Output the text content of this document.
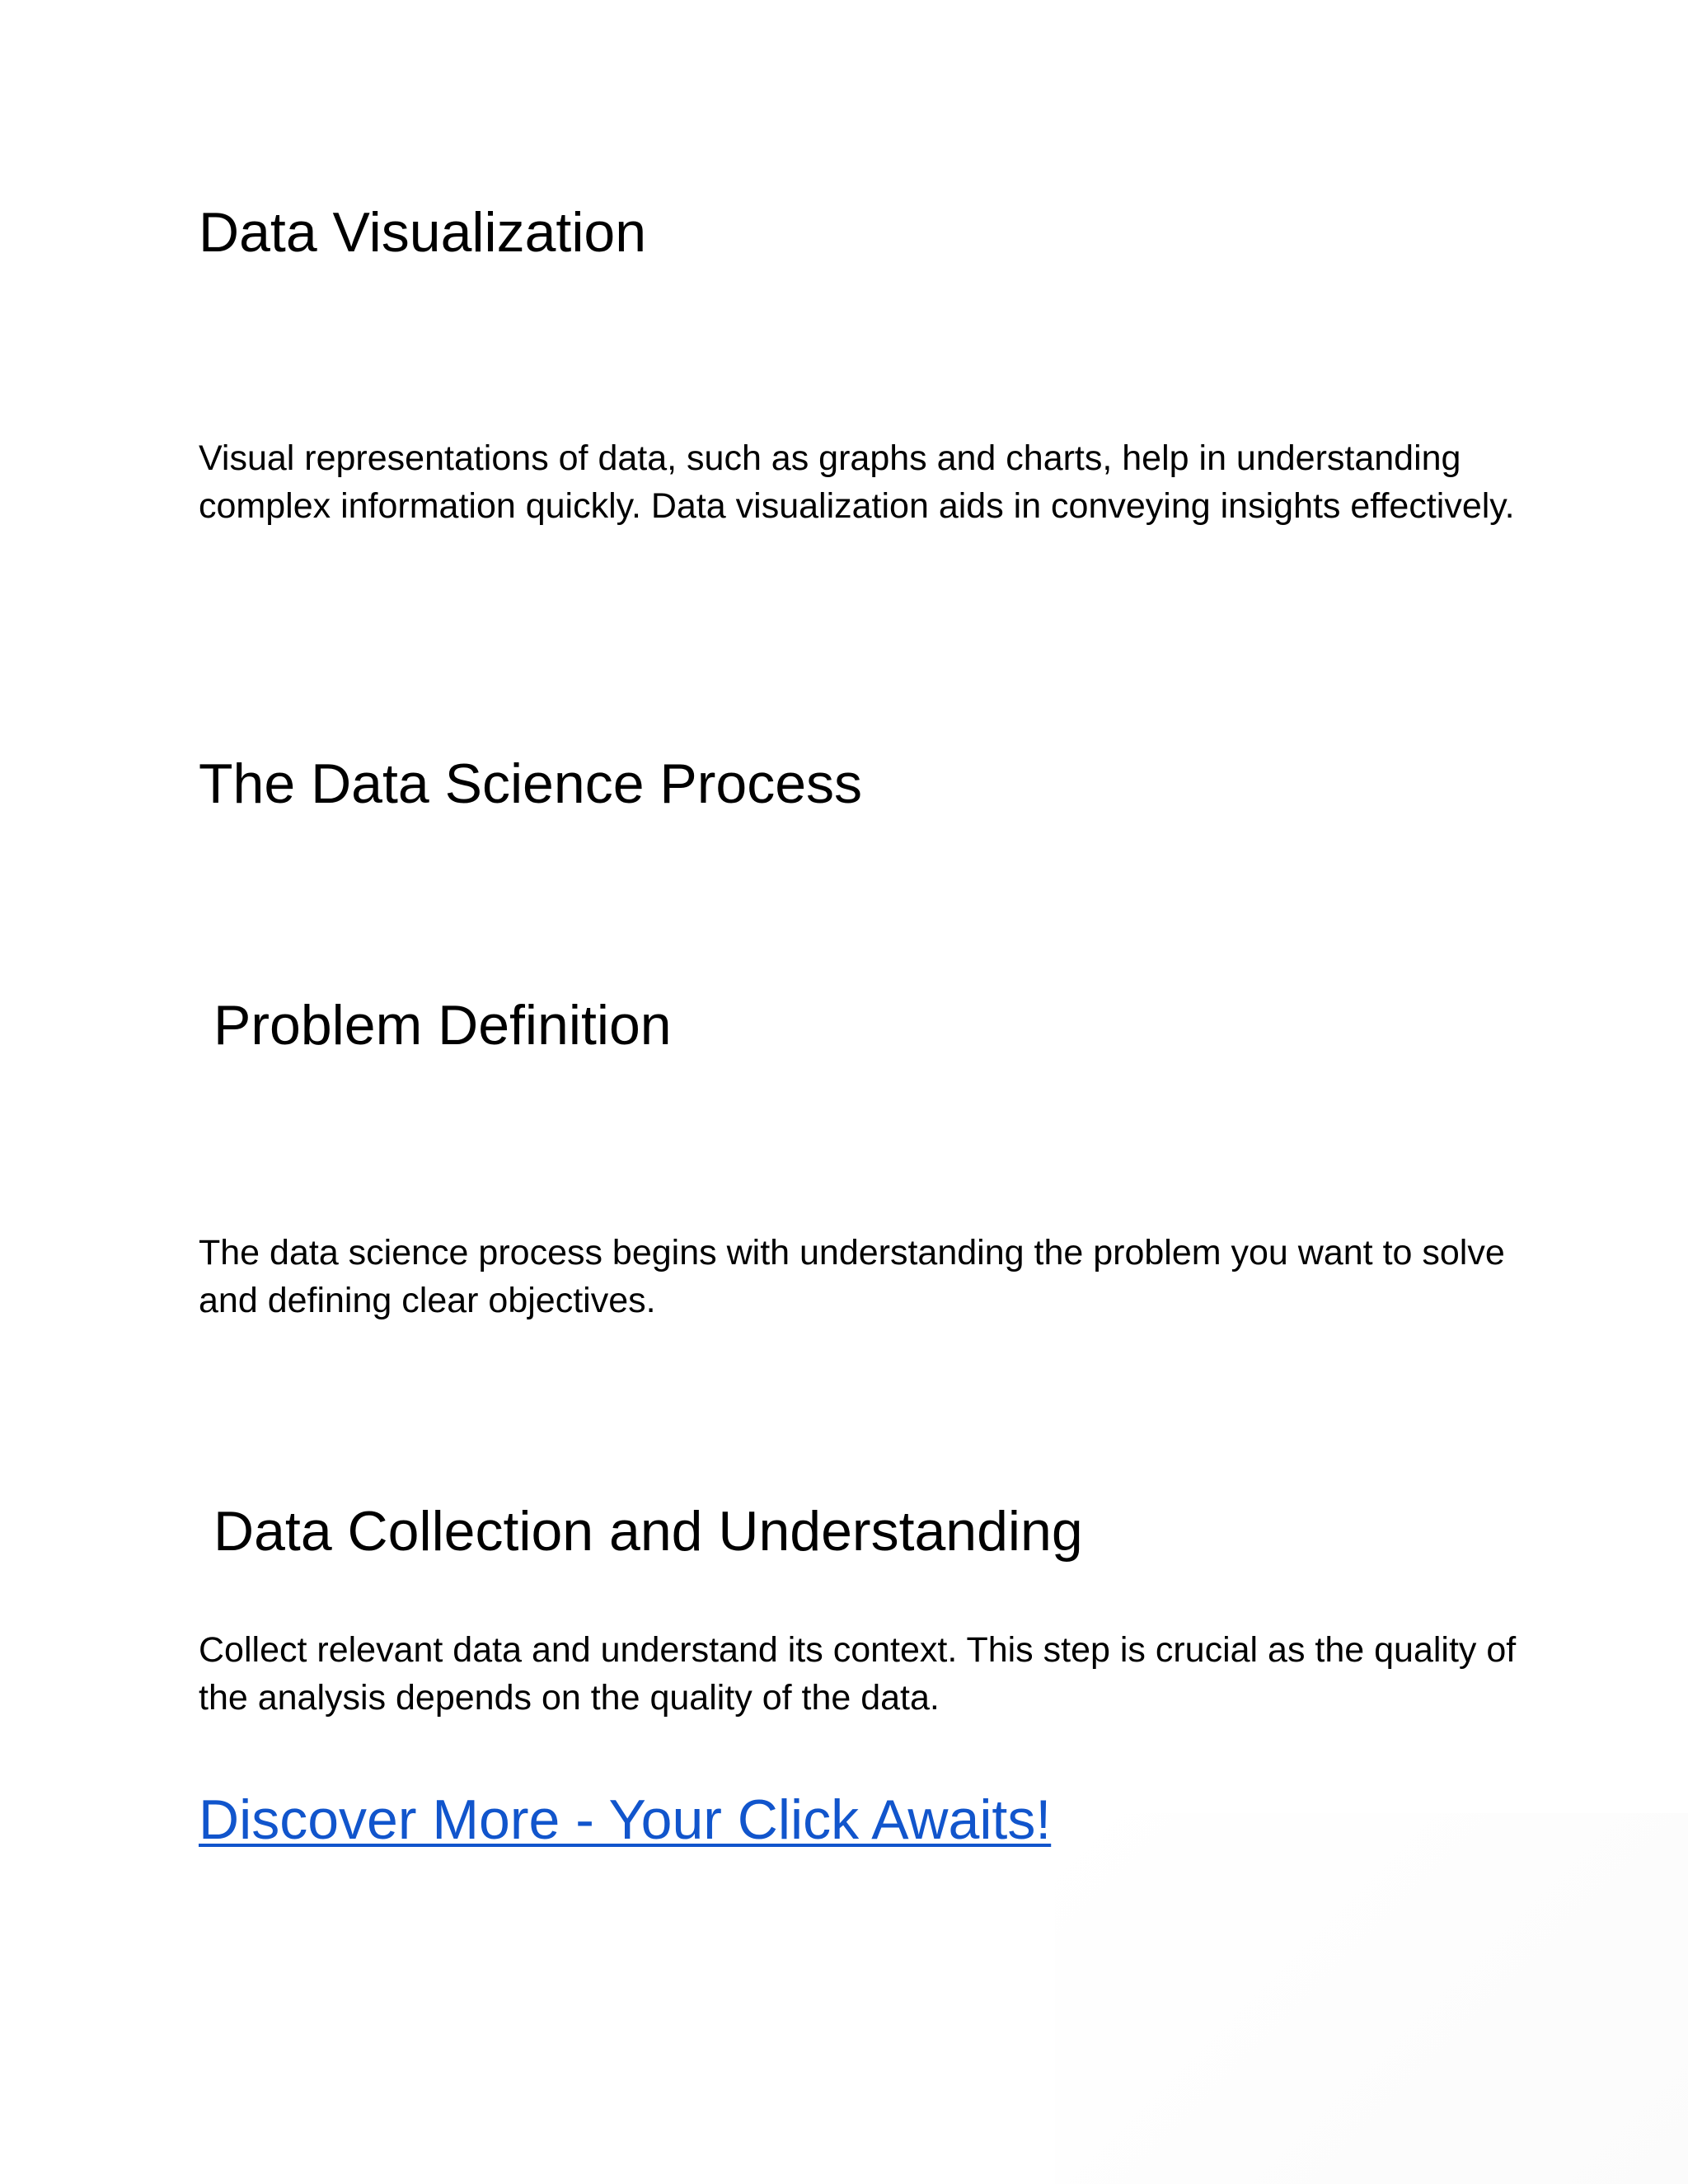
Data Visualization

Visual representations of data, such as graphs and charts, help in understanding complex information quickly. Data visualization aids in conveying insights effectively.

The Data Science Process
Problem Definition

The data science process begins with understanding the problem you want to solve and defining clear objectives.

Data Collection and Understanding

Collect relevant data and understand its context. This step is crucial as the quality of the analysis depends on the quality of the data.

Discover More - Your Click Awaits!
